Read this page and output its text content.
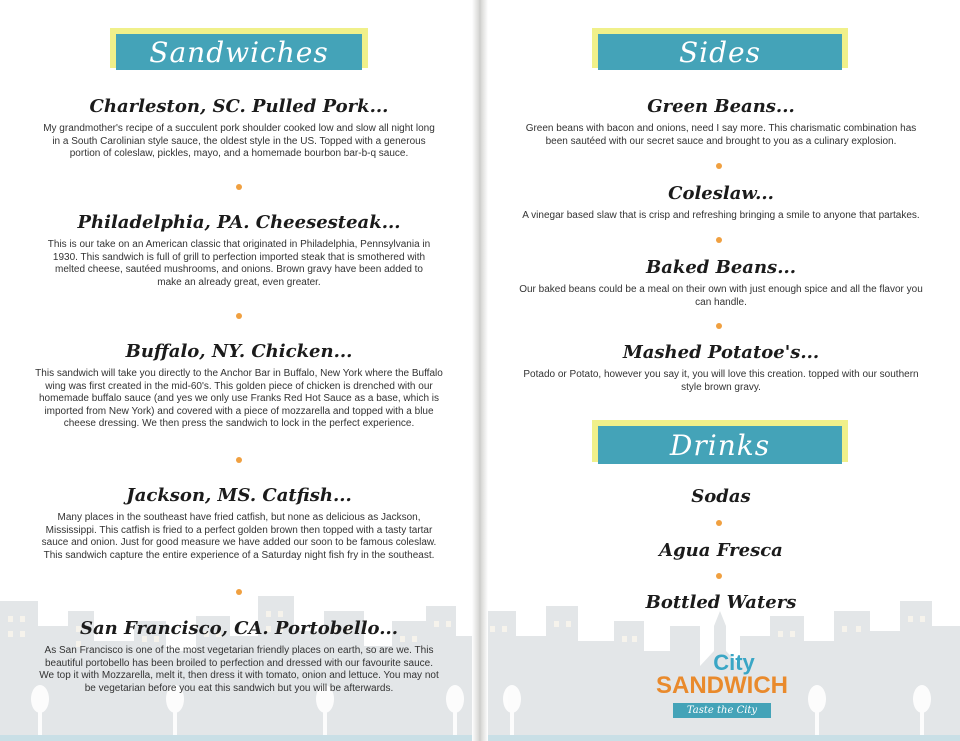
Sandwiches
Charleston, SC. Pulled Pork...

My grandmother's recipe of a succulent pork shoulder cooked low and slow all night long in a South Carolinian style sauce, the oldest style in the US. Topped with a generous portion of coleslaw, pickles, mayo, and a homemade bourbon bar-b-q sauce.

Philadelphia, PA. Cheesesteak...

This is our take on an American classic that originated in Philadelphia, Pennsylvania in 1930. This sandwich is full of grill to perfection imported steak that is smothered with melted cheese, sautéed mushrooms, and onions. Brown gravy have been added to make an already great, even greater.

Buffalo, NY. Chicken...

This sandwich will take you directly to the Anchor Bar in Buffalo, New York where the Buffalo wing was first created in the mid-60's. This golden piece of chicken is drenched with our homemade buffalo sauce (and yes we only use Franks Red Hot Sauce as a base, which is imported from New York) and covered with a piece of mozzarella and topped with a blue cheese dressing. We then press the sandwich to lock in the perfect experience.

Jackson, MS. Catfish...

Many places in the southeast have fried catfish, but none as delicious as Jackson, Mississippi. This catfish is fried to a perfect golden brown then topped with a tasty tartar sauce and onion. Just for good measure we have added our soon to be famous coleslaw. This sandwich capture the entire experience of a Saturday night fish fry in the southeast.

San Francisco, CA. Portobello...

As San Francisco is one of the most vegetarian friendly places on earth, so are we. This beautiful portobello has been broiled to perfection and dressed with our favourite sauce. We top it with Mozzarella, melt it, then dress it with tomato, onion and lettuce. You may not be vegetarian before you eat this sandwich but you will be afterwards.

Sides
Green Beans...

Green beans with bacon and onions, need I say more. This charismatic combination has been sautéed with our secret sauce and brought to you as a culinary explosion.

Coleslaw...

A vinegar based slaw that is crisp and refreshing bringing a smile to anyone that partakes.

Baked Beans...

Our baked beans could be a meal on their own with just enough spice and all the flavor you can handle.

Mashed Potatoe's...

Potado or Potato, however you say it, you will love this creation. topped with our southern style brown gravy.

Drinks
Sodas
Agua Fresca
Bottled Waters
City
SANDWICH
Taste the City
